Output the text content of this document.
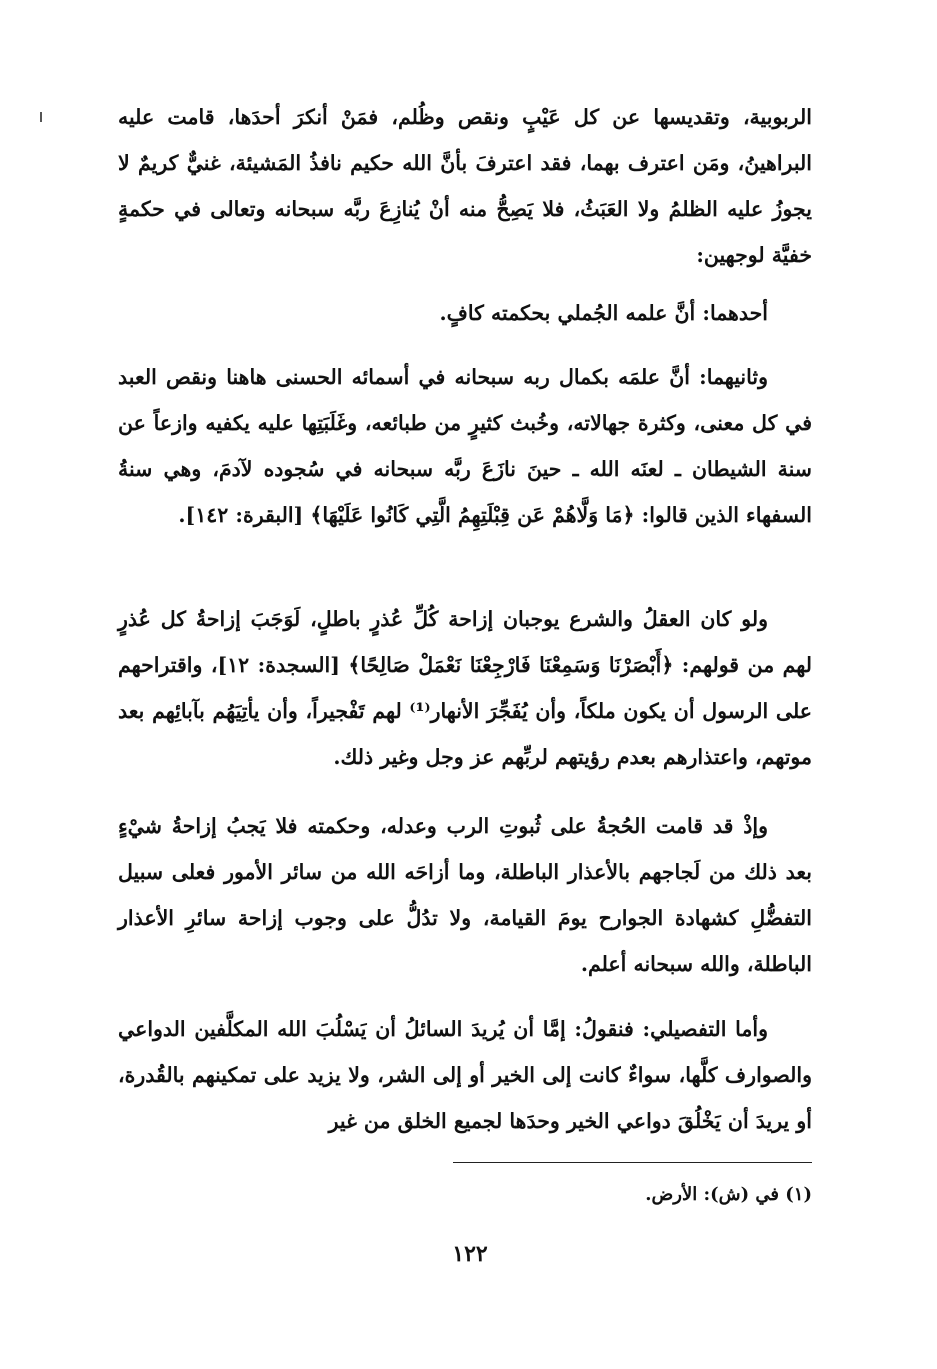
الربوبية، وتقديسها عن كل عَيْبٍ ونقص وظُلم، فمَنْ أنكرَ أحدَها، قامت عليه البراهينُ، ومَن اعترف بهما، فقد اعترفَ بأنَّ الله حكيم نافذُ المَشيئة، غنيٌّ كريمٌ لا يجوزُ عليه الظلمُ ولا العَبَثُ، فلا يَصِحُّ منه أنْ يُنازِعَ ربَّه سبحانه وتعالى في حكمةٍ خفيَّة لوجهين:

أحدهما: أنَّ علمه الجُملي بحكمته كافٍ.

وثانيهما: أنَّ علمَه بكمال ربه سبحانه في أسمائه الحسنى هاهنا ونقص العبد في كل معنى، وكثرة جهالاته، وخُبث كثيرٍ من طبائعه، وغَلَبَتِها عليه يكفيه وازعاً عن سنة الشيطان ـ لعنَه الله ـ حينَ نازَعَ ربَّه سبحانه في سُجوده لآدمَ، وهي سنةُ السفهاء الذين قالوا: ﴿مَا وَلَّاهُمْ عَن قِبْلَتِهِمُ الَّتِي كَانُوا عَلَيْهَا﴾ [البقرة: ١٤٢].

ولو كان العقلُ والشرع يوجبان إزاحة كُلِّ عُذرٍ باطلٍ، لَوَجَبَ إزاحةُ كل عُذرٍ لهم من قولهم: ﴿أَبْصَرْنَا وَسَمِعْنَا فَارْجِعْنَا نَعْمَلْ صَالِحًا﴾ [السجدة: ١٢]، واقتراحهم على الرسول أن يكون ملكاً، وأن يُفَجِّرَ الأنهار⁽¹⁾ لهم تَفْجيراً، وأن يأتِيَهُم بآبائِهم بعد موتهم، واعتذارهم بعدم رؤيتهم لربِّهم عز وجل وغير ذلك.

وإذْ قد قامت الحُجةُ على ثُبوتِ الرب وعدله، وحكمته فلا يَجبُ إزاحةُ شيْءٍ بعد ذلك من لَجاجهم بالأعذار الباطلة، وما أزاحَه الله من سائر الأمور فعلى سبيل التفضُّلِ كشهادة الجوارح يومَ القيامة، ولا تدُلُّ على وجوب إزاحة سائرِ الأعذار الباطلة، والله سبحانه أعلم.

وأما التفصيلي: فنقولُ: إمَّا أن يُريدَ السائلُ أن يَسْلُبَ الله المكلَّفين الدواعي والصوارف كلَّها، سواءٌ كانت إلى الخير أو إلى الشر، ولا يزيد على تمكينهم بالقُدرة، أو يريدَ أن يَخْلُقَ دواعي الخير وحدَها لجميع الخلق من غير

(١) في (ش): الأرض.
١٢٢
